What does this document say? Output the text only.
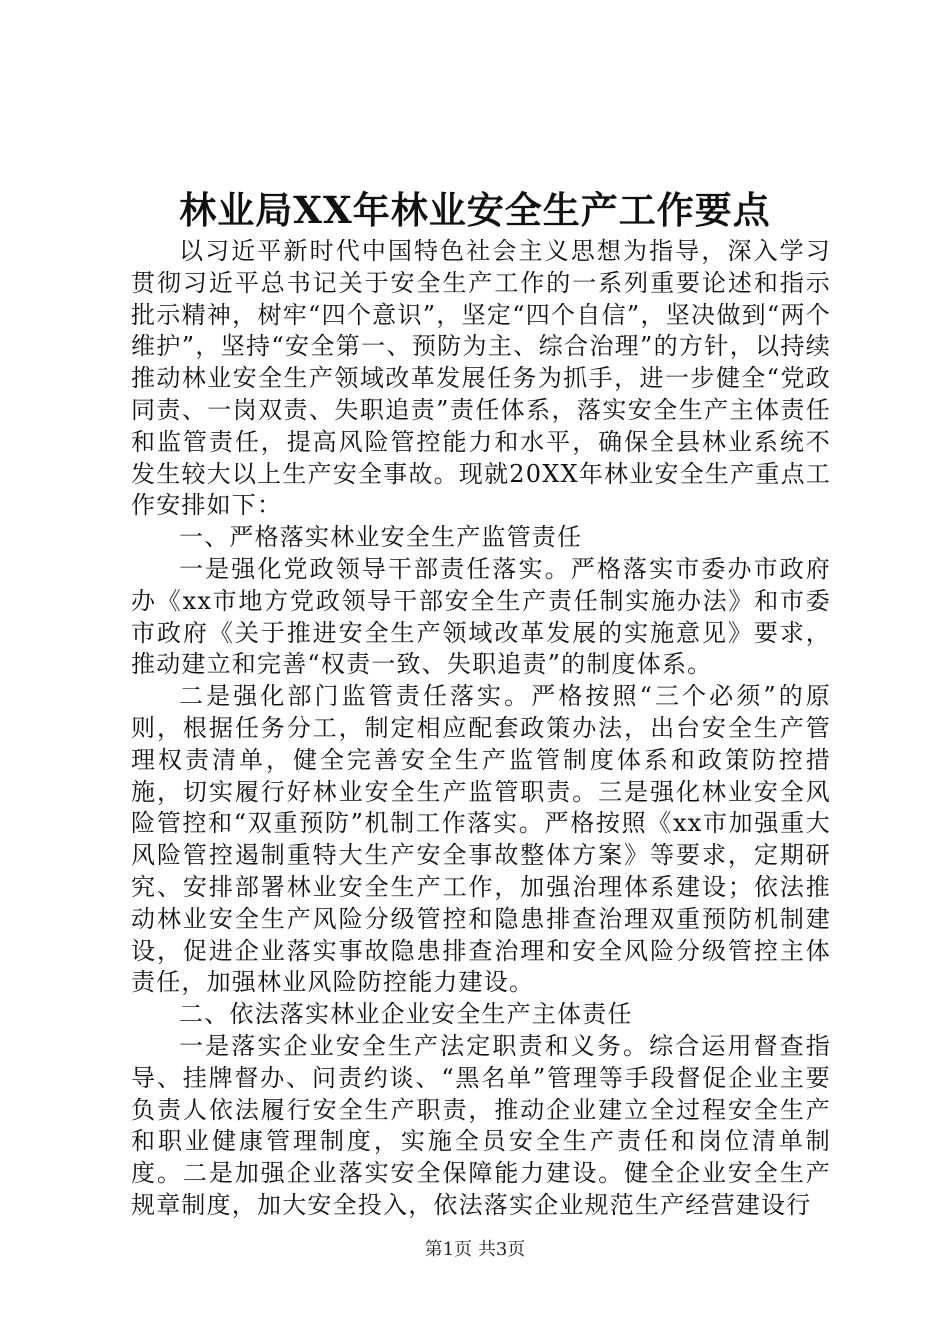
林业局XX年林业安全生产工作要点

以习近平新时代中国特色社会主义思想为指导，深入学习贯彻习近平总书记关于安全生产工作的一系列重要论述和指示批示精神，树牢“四个意识”，坚定“四个自信”，坚决做到“两个维护”，坚持“安全第一、预防为主、综合治理”的方针，以持续推动林业安全生产领域改革发展任务为抓手，进一步健全“党政同责、一岗双责、失职追责”责任体系，落实安全生产主体责任和监管责任，提高风险管控能力和水平，确保全县林业系统不发生较大以上生产安全事故。现就20XX年林业安全生产重点工作安排如下：

一、严格落实林业安全生产监管责任

一是强化党政领导干部责任落实。严格落实市委办市政府办《xx市地方党政领导干部安全生产责任制实施办法》和市委市政府《关于推进安全生产领域改革发展的实施意见》要求，推动建立和完善“权责一致、失职追责”的制度体系。

二是强化部门监管责任落实。严格按照“三个必须”的原则，根据任务分工，制定相应配套政策办法，出台安全生产管理权责清单，健全完善安全生产监管制度体系和政策防控措施，切实履行好林业安全生产监管职责。三是强化林业安全风险管控和“双重预防”机制工作落实。严格按照《xx市加强重大风险管控遏制重特大生产安全事故整体方案》等要求，定期研究、安排部署林业安全生产工作，加强治理体系建设；依法推动林业安全生产风险分级管控和隐患排查治理双重预防机制建设，促进企业落实事故隐患排查治理和安全风险分级管控主体责任，加强林业风险防控能力建设。

二、依法落实林业企业安全生产主体责任

一是落实企业安全生产法定职责和义务。综合运用督查指导、挂牌督办、问责约谈、“黑名单”管理等手段督促企业主要负责人依法履行安全生产职责，推动企业建立全过程安全生产和职业健康管理制度，实施全员安全生产责任和岗位清单制度。二是加强企业落实安全保障能力建设。健全企业安全生产规章制度，加大安全投入，依法落实企业规范生产经营建设行

第1页 共3页
